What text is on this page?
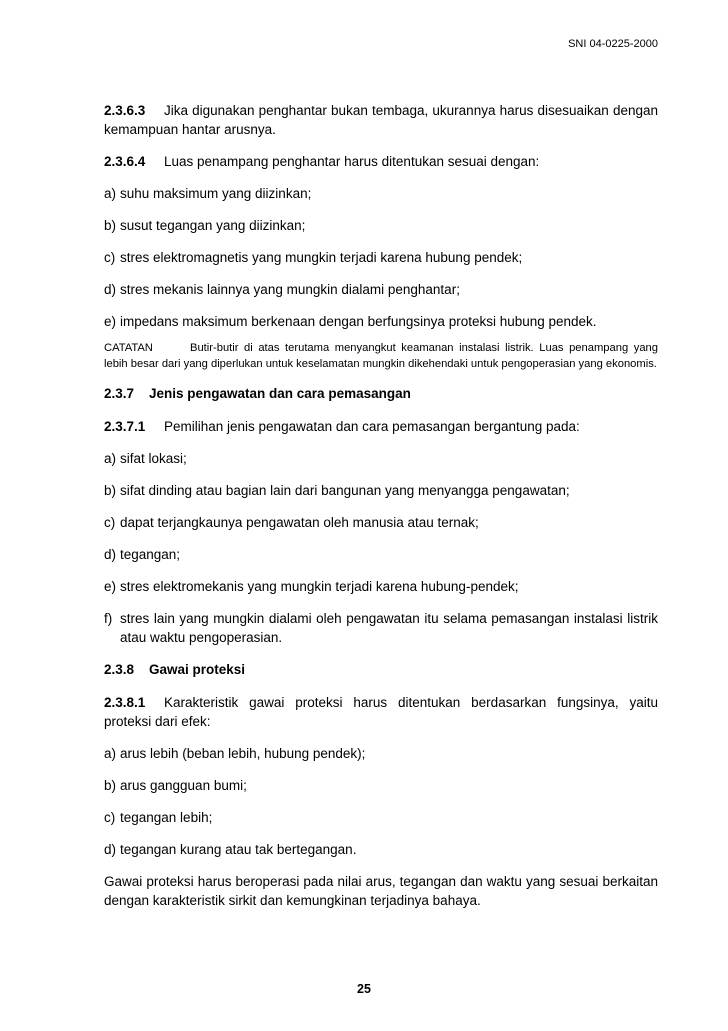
SNI 04-0225-2000

2.3.6.3 Jika digunakan penghantar bukan tembaga, ukurannya harus disesuaikan dengan kemampuan hantar arusnya.

2.3.6.4 Luas penampang penghantar harus ditentukan sesuai dengan:

a) suhu maksimum yang diizinkan;
b) susut tegangan yang diizinkan;
c) stres elektromagnetis yang mungkin terjadi karena hubung pendek;
d) stres mekanis lainnya yang mungkin dialami penghantar;
e) impedans maksimum berkenaan dengan berfungsinya proteksi hubung pendek.

CATATAN	Butir-butir di atas terutama menyangkut keamanan instalasi listrik. Luas penampang yang lebih besar dari yang diperlukan untuk keselamatan mungkin dikehendaki untuk pengoperasian yang ekonomis.

2.3.7 Jenis pengawatan dan cara pemasangan

2.3.7.1 Pemilihan jenis pengawatan dan cara pemasangan bergantung pada:

a) sifat lokasi;
b) sifat dinding atau bagian lain dari bangunan yang menyangga pengawatan;
c) dapat terjangkaunya pengawatan oleh manusia atau ternak;
d) tegangan;
e) stres elektromekanis yang mungkin terjadi karena hubung-pendek;
f) stres lain yang mungkin dialami oleh pengawatan itu selama pemasangan instalasi listrik atau waktu pengoperasian.

2.3.8 Gawai proteksi

2.3.8.1 Karakteristik gawai proteksi harus ditentukan berdasarkan fungsinya, yaitu proteksi dari efek:

a) arus lebih (beban lebih, hubung pendek);
b) arus gangguan bumi;
c) tegangan lebih;
d) tegangan kurang atau tak bertegangan.

Gawai proteksi harus beroperasi pada nilai arus, tegangan dan waktu yang sesuai berkaitan dengan karakteristik sirkit dan kemungkinan terjadinya bahaya.

25
